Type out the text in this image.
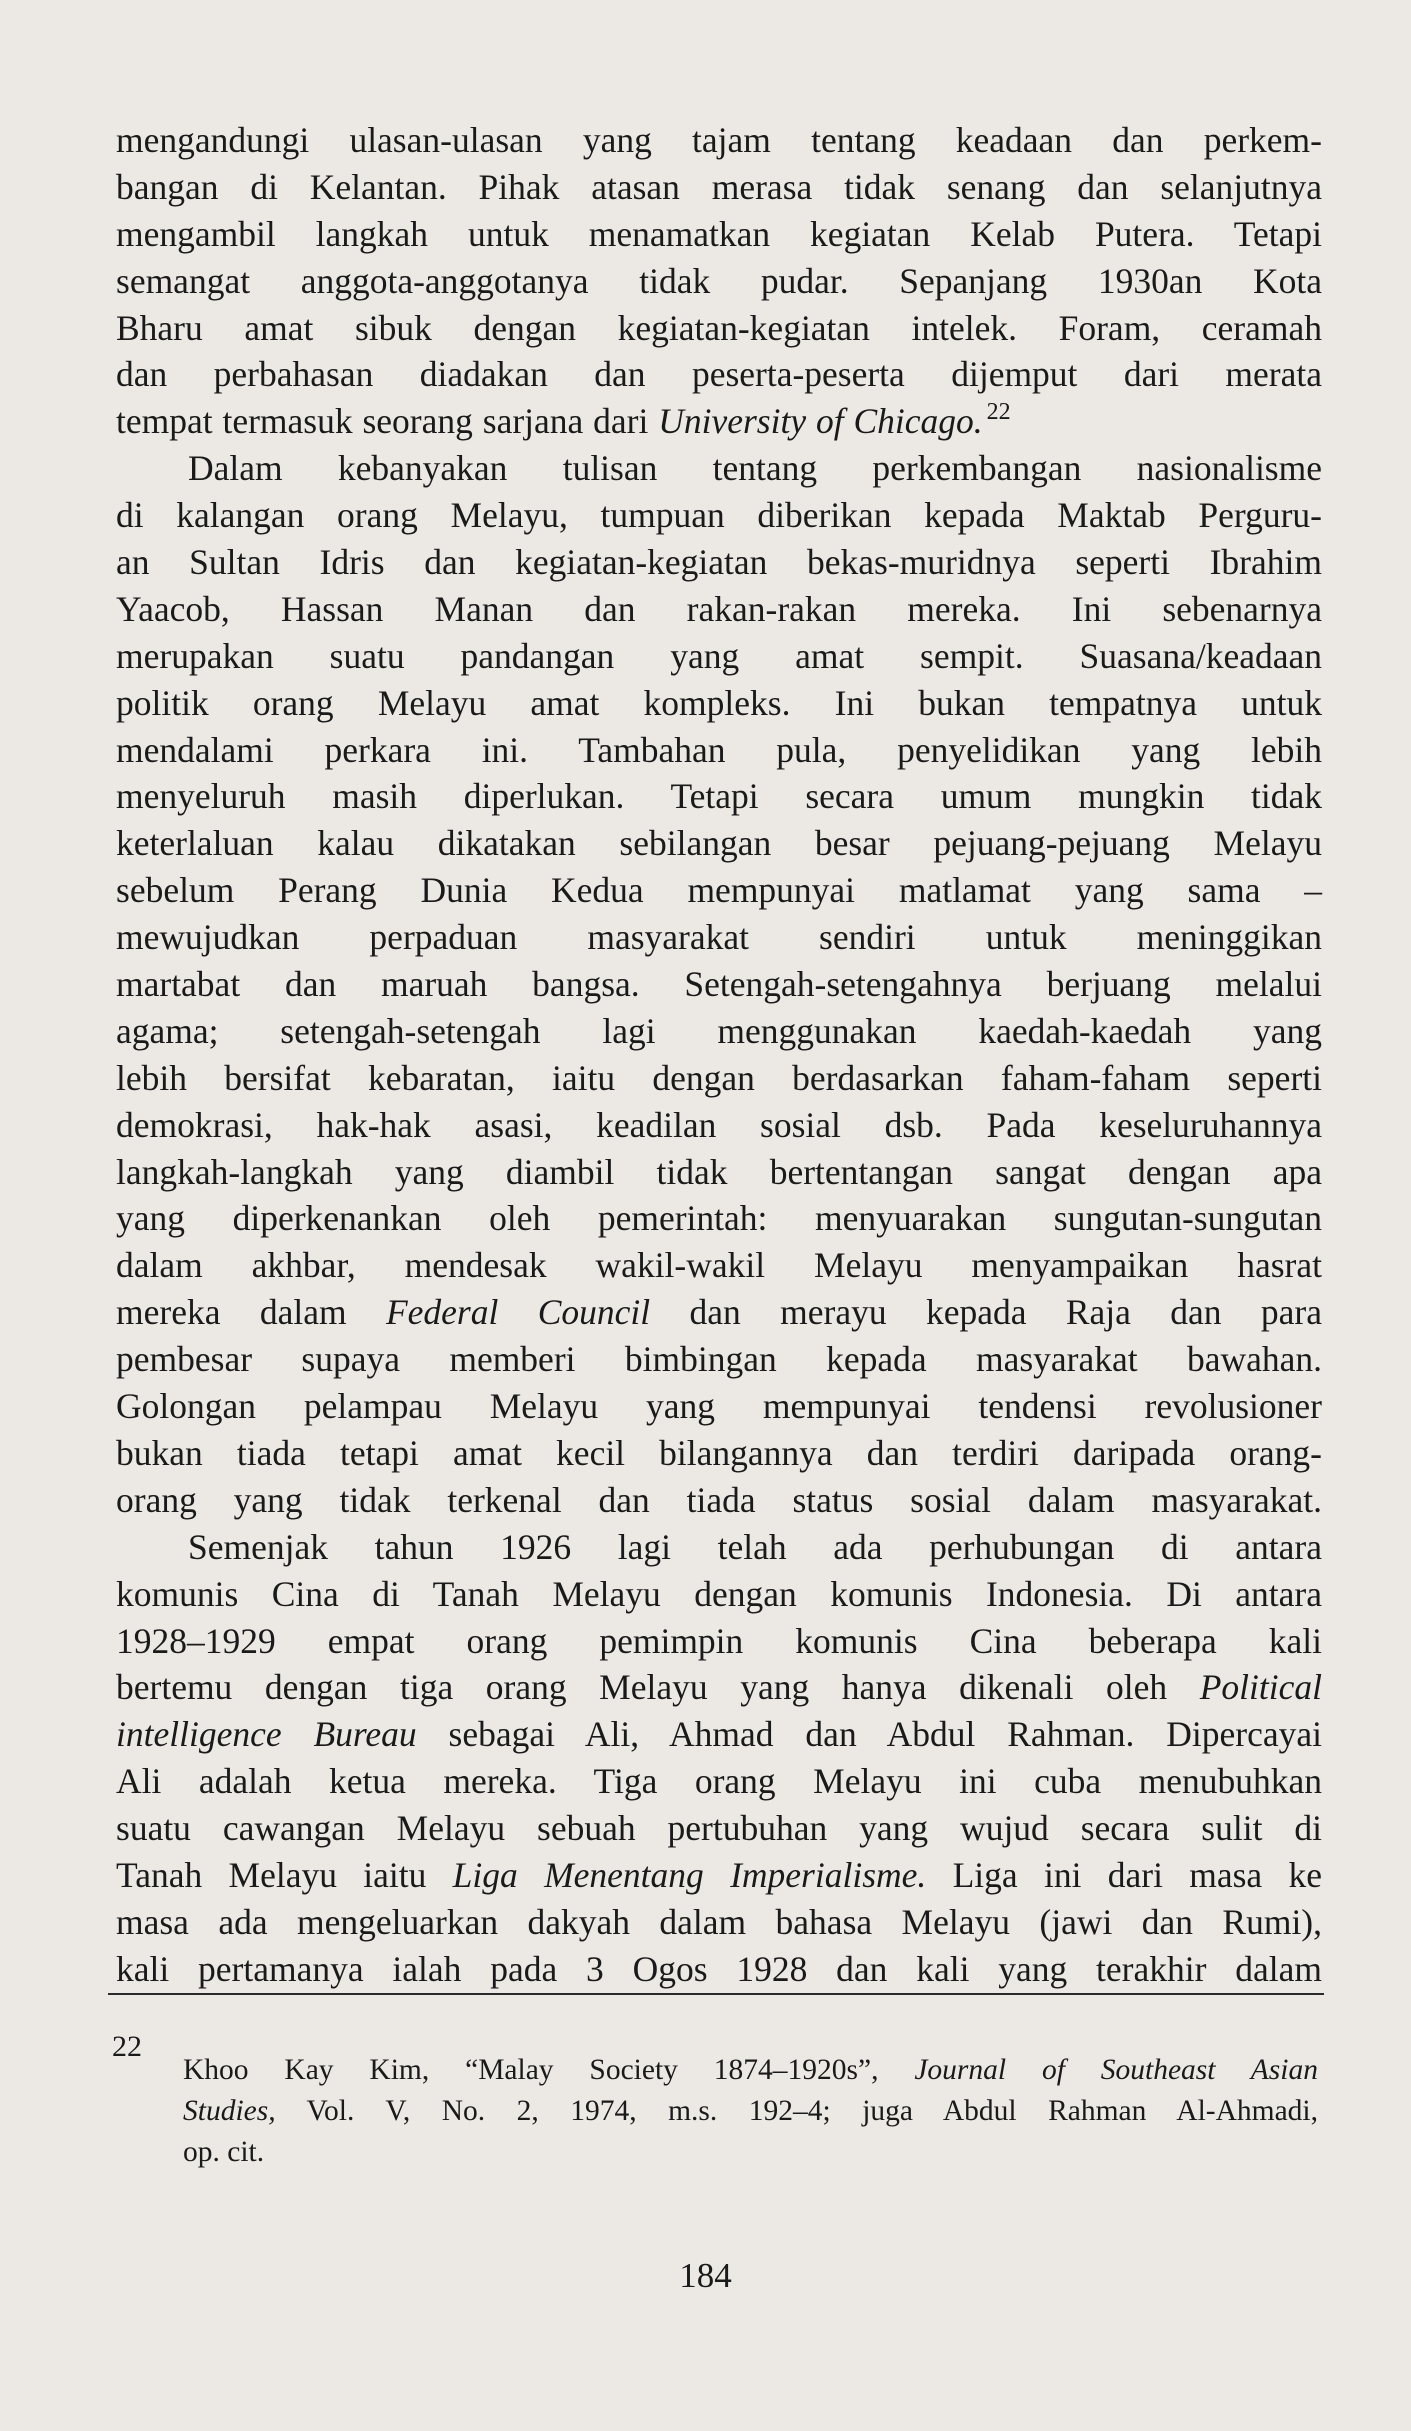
mengandungi ulasan-ulasan yang tajam tentang keadaan dan perkem-
bangan di Kelantan. Pihak atasan merasa tidak senang dan selanjutnya
mengambil langkah untuk menamatkan kegiatan Kelab Putera. Tetapi
semangat anggota-anggotanya tidak pudar. Sepanjang 1930an Kota
Bharu amat sibuk dengan kegiatan-kegiatan intelek. Foram, ceramah
dan perbahasan diadakan dan peserta-peserta dijemput dari merata
tempat termasuk seorang sarjana dari University of Chicago. $^{22}$
Dalam kebanyakan tulisan tentang perkembangan nasionalisme
di kalangan orang Melayu, tumpuan diberikan kepada Maktab Perguru-
an Sultan Idris dan kegiatan-kegiatan bekas-muridnya seperti Ibrahim
Yaacob, Hassan Manan dan rakan-rakan mereka. Ini sebenarnya
merupakan suatu pandangan yang amat sempit. Suasana/keadaan
politik orang Melayu amat kompleks. Ini bukan tempatnya untuk
mendalami perkara ini. Tambahan pula, penyelidikan yang lebih
menyeluruh masih diperlukan. Tetapi secara umum mungkin tidak
keterlaluan kalau dikatakan sebilangan besar pejuang-pejuang Melayu
sebelum Perang Dunia Kedua mempunyai matlamat yang sama –
mewujudkan perpaduan masyarakat sendiri untuk meninggikan
martabat dan maruah bangsa. Setengah-setengahnya berjuang melalui
agama; setengah-setengah lagi menggunakan kaedah-kaedah yang
lebih bersifat kebaratan, iaitu dengan berdasarkan faham-faham seperti
demokrasi, hak-hak asasi, keadilan sosial dsb. Pada keseluruhannya
langkah-langkah yang diambil tidak bertentangan sangat dengan apa
yang diperkenankan oleh pemerintah: menyuarakan sungutan-sungutan
dalam akhbar, mendesak wakil-wakil Melayu menyampaikan hasrat
mereka dalam Federal Council dan merayu kepada Raja dan para
pembesar supaya memberi bimbingan kepada masyarakat bawahan.
Golongan pelampau Melayu yang mempunyai tendensi revolusioner
bukan tiada tetapi amat kecil bilangannya dan terdiri daripada orang-
orang yang tidak terkenal dan tiada status sosial dalam masyarakat.
Semenjak tahun 1926 lagi telah ada perhubungan di antara
komunis Cina di Tanah Melayu dengan komunis Indonesia. Di antara
1928–1929 empat orang pemimpin komunis Cina beberapa kali
bertemu dengan tiga orang Melayu yang hanya dikenali oleh Political
intelligence Bureau sebagai Ali, Ahmad dan Abdul Rahman. Dipercayai
Ali adalah ketua mereka. Tiga orang Melayu ini cuba menubuhkan
suatu cawangan Melayu sebuah pertubuhan yang wujud secara sulit di
Tanah Melayu iaitu Liga Menentang Imperialisme. Liga ini dari masa ke
masa ada mengeluarkan dakyah dalam bahasa Melayu (jawi dan Rumi),
kali pertamanya ialah pada 3 Ogos 1928 dan kali yang terakhir dalam
22
Khoo Kay Kim, “Malay Society 1874–1920s”, Journal of Southeast Asian
Studies, Vol. V, No. 2, 1974, m.s. 192–4; juga Abdul Rahman Al-Ahmadi,
op. cit.
184
